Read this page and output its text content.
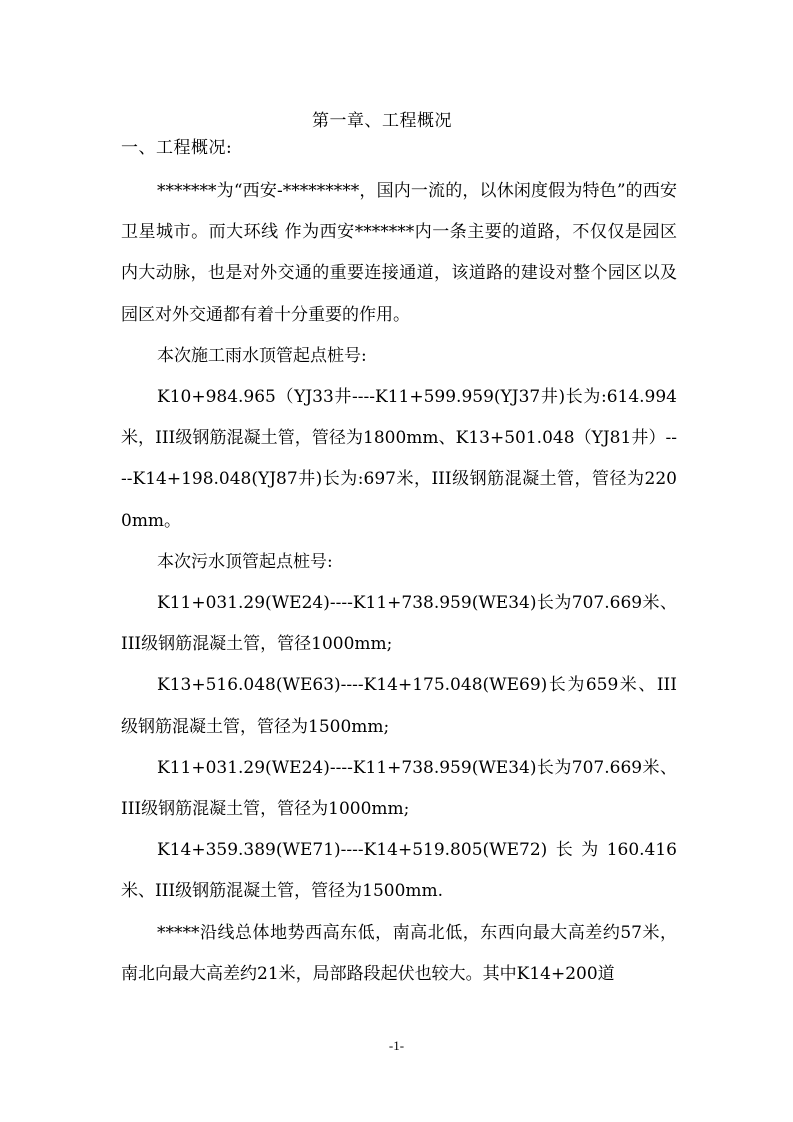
第一章、工程概况
一、工程概况:

*******为“西安-*********，国内一流的，以休闲度假为特色”的西安卫星城市。而大环线 作为西安*******内一条主要的道路，不仅仅是园区内大动脉，也是对外交通的重要连接通道，该道路的建设对整个园区以及园区对外交通都有着十分重要的作用。

本次施工雨水顶管起点桩号:

K10+984.965（YJ33井----K11+599.959(YJ37井)长为:614.994米，III级钢筋混凝土管，管径为1800mm、K13+501.048（YJ81井）----K14+198.048(YJ87井)长为:697米，III级钢筋混凝土管，管径为2200mm。

本次污水顶管起点桩号:

K11+031.29(WE24)----K11+738.959(WE34)长为707.669米、III级钢筋混凝土管，管径1000mm;

K13+516.048(WE63)----K14+175.048(WE69)长为659米、III级钢筋混凝土管，管径为1500mm;

K11+031.29(WE24)----K11+738.959(WE34)长为707.669米、III级钢筋混凝土管，管径为1000mm;

K14+359.389(WE71)----K14+519.805(WE72)长为160.416米、III级钢筋混凝土管，管径为1500mm.

*****沿线总体地势西高东低，南高北低，东西向最大高差约57米，南北向最大高差约21米，局部路段起伏也较大。其中K14+200道

-1-
